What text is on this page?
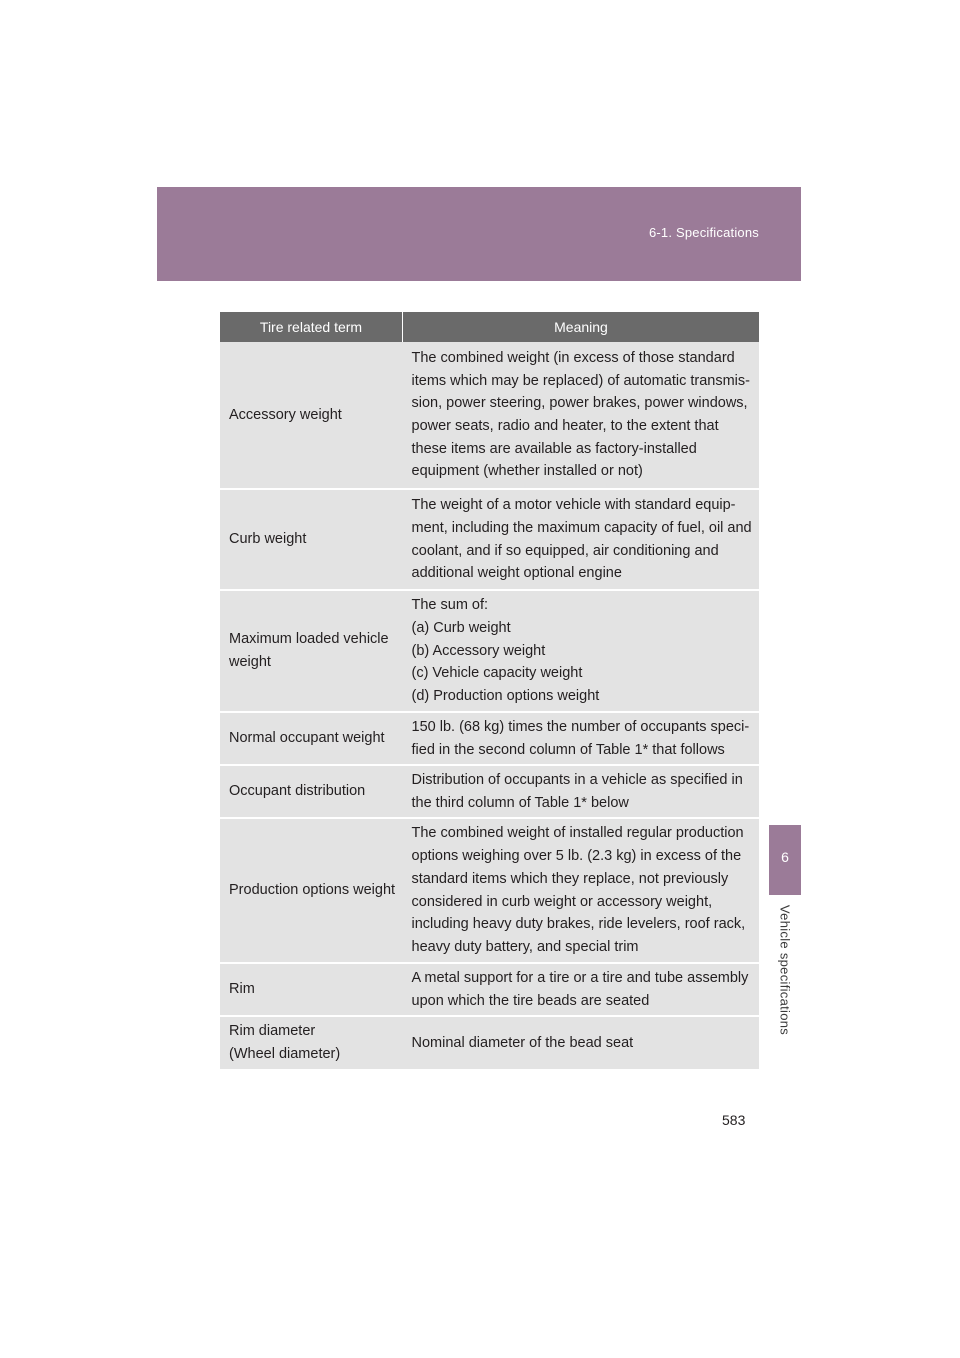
6-1. Specifications
Tire related term	Meaning
Accessory weight	The combined weight (in excess of those standard items which may be replaced) of automatic transmis- sion, power steering, power brakes, power windows, power seats, radio and heater, to the extent that these items are available as factory-installed equipment (whether installed or not)
Curb weight	The weight of a motor vehicle with standard equip- ment, including the maximum capacity of fuel, oil and coolant, and if so equipped, air conditioning and additional weight optional engine
Maximum loaded vehicle weight	The sum of:
(a) Curb weight
(b) Accessory weight
(c) Vehicle capacity weight
(d) Production options weight
Normal occupant weight	150 lb. (68 kg) times the number of occupants speci- fied in the second column of Table 1* that follows
Occupant distribution	Distribution of occupants in a vehicle as specified in the third column of Table 1* below
Production options weight	The combined weight of installed regular production options weighing over 5 lb. (2.3 kg) in excess of the standard items which they replace, not previously considered in curb weight or accessory weight, including heavy duty brakes, ride levelers, roof rack, heavy duty battery, and special trim
Rim	A metal support for a tire or a tire and tube assembly upon which the tire beads are seated
Rim diameter
(Wheel diameter)	Nominal diameter of the bead seat
6
Vehicle specifications
583
